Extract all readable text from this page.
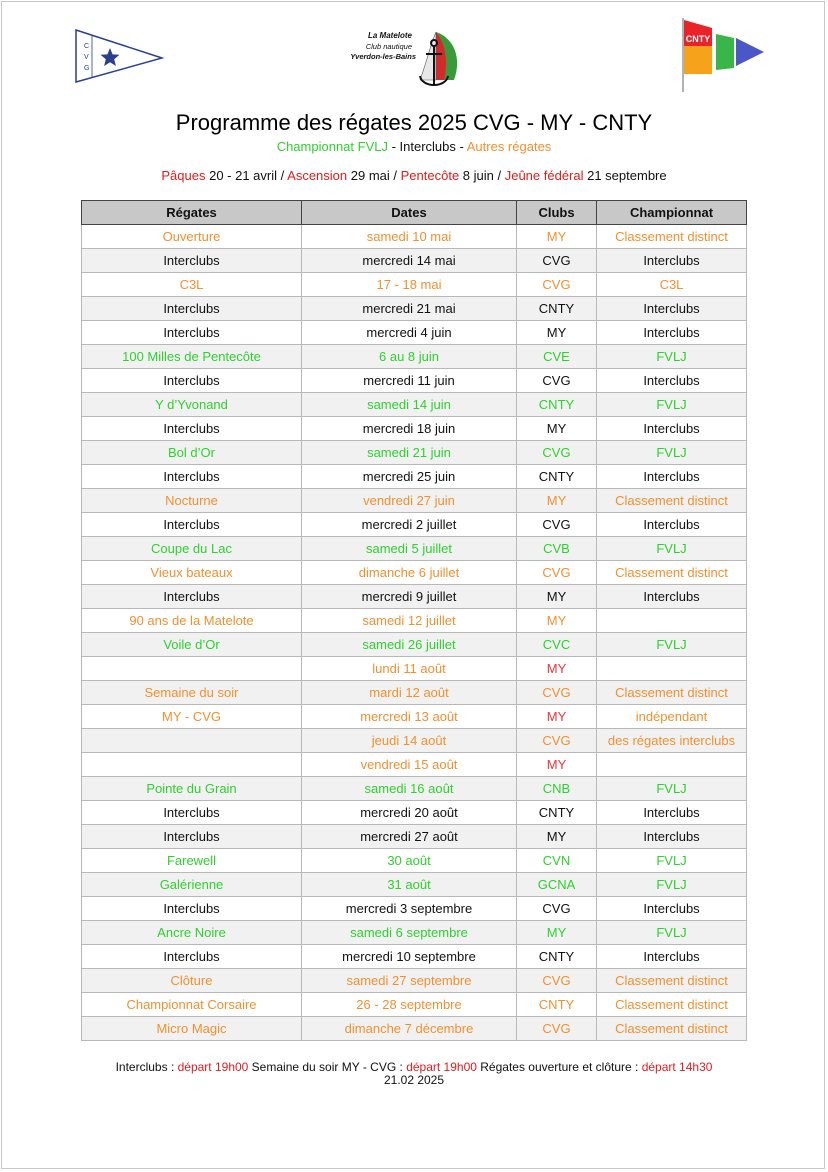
C
V
G
La Matelote
Club nautique
Yverdon-les-Bains
CNTY
Programme des régates 2025 CVG - MY - CNTY
Championnat FVLJ - Interclubs - Autres régates
Pâques 20 - 21 avril / Ascension 29 mai / Pentecôte 8 juin / Jeûne fédéral 21 septembre
Régates	Dates	Clubs	Championnat
Ouverture	samedi 10 mai	MY	Classement distinct
Interclubs	mercredi 14 mai	CVG	Interclubs
C3L	17 - 18 mai	CVG	C3L
Interclubs	mercredi 21 mai	CNTY	Interclubs
Interclubs	mercredi 4 juin	MY	Interclubs
100 Milles de Pentecôte	6 au 8 juin	CVE	FVLJ
Interclubs	mercredi 11 juin	CVG	Interclubs
Y d’Yvonand	samedi 14 juin	CNTY	FVLJ
Interclubs	mercredi 18 juin	MY	Interclubs
Bol d’Or	samedi 21 juin	CVG	FVLJ
Interclubs	mercredi 25 juin	CNTY	Interclubs
Nocturne	vendredi 27 juin	MY	Classement distinct
Interclubs	mercredi 2 juillet	CVG	Interclubs
Coupe du Lac	samedi 5 juillet	CVB	FVLJ
Vieux bateaux	dimanche 6 juillet	CVG	Classement distinct
Interclubs	mercredi 9 juillet	MY	Interclubs
90 ans de la Matelote	samedi 12 juillet	MY	
Voile d’Or	samedi 26 juillet	CVC	FVLJ
	lundi 11 août	MY	
Semaine du soir	mardi 12 août	CVG	Classement distinct
MY - CVG	mercredi 13 août	MY	indépendant
	jeudi 14 août	CVG	des régates interclubs
	vendredi 15 août	MY	
Pointe du Grain	samedi 16 août	CNB	FVLJ
Interclubs	mercredi 20 août	CNTY	Interclubs
Interclubs	mercredi 27 août	MY	Interclubs
Farewell	30 août	CVN	FVLJ
Galérienne	31 août	GCNA	FVLJ
Interclubs	mercredi 3 septembre	CVG	Interclubs
Ancre Noire	samedi 6 septembre	MY	FVLJ
Interclubs	mercredi 10 septembre	CNTY	Interclubs
Clôture	samedi 27 septembre	CVG	Classement distinct
Championnat Corsaire	26 - 28 septembre	CNTY	Classement distinct
Micro Magic	dimanche 7 décembre	CVG	Classement distinct
Interclubs : départ 19h00 Semaine du soir MY - CVG : départ 19h00 Régates ouverture et clôture : départ 14h30
21.02 2025
